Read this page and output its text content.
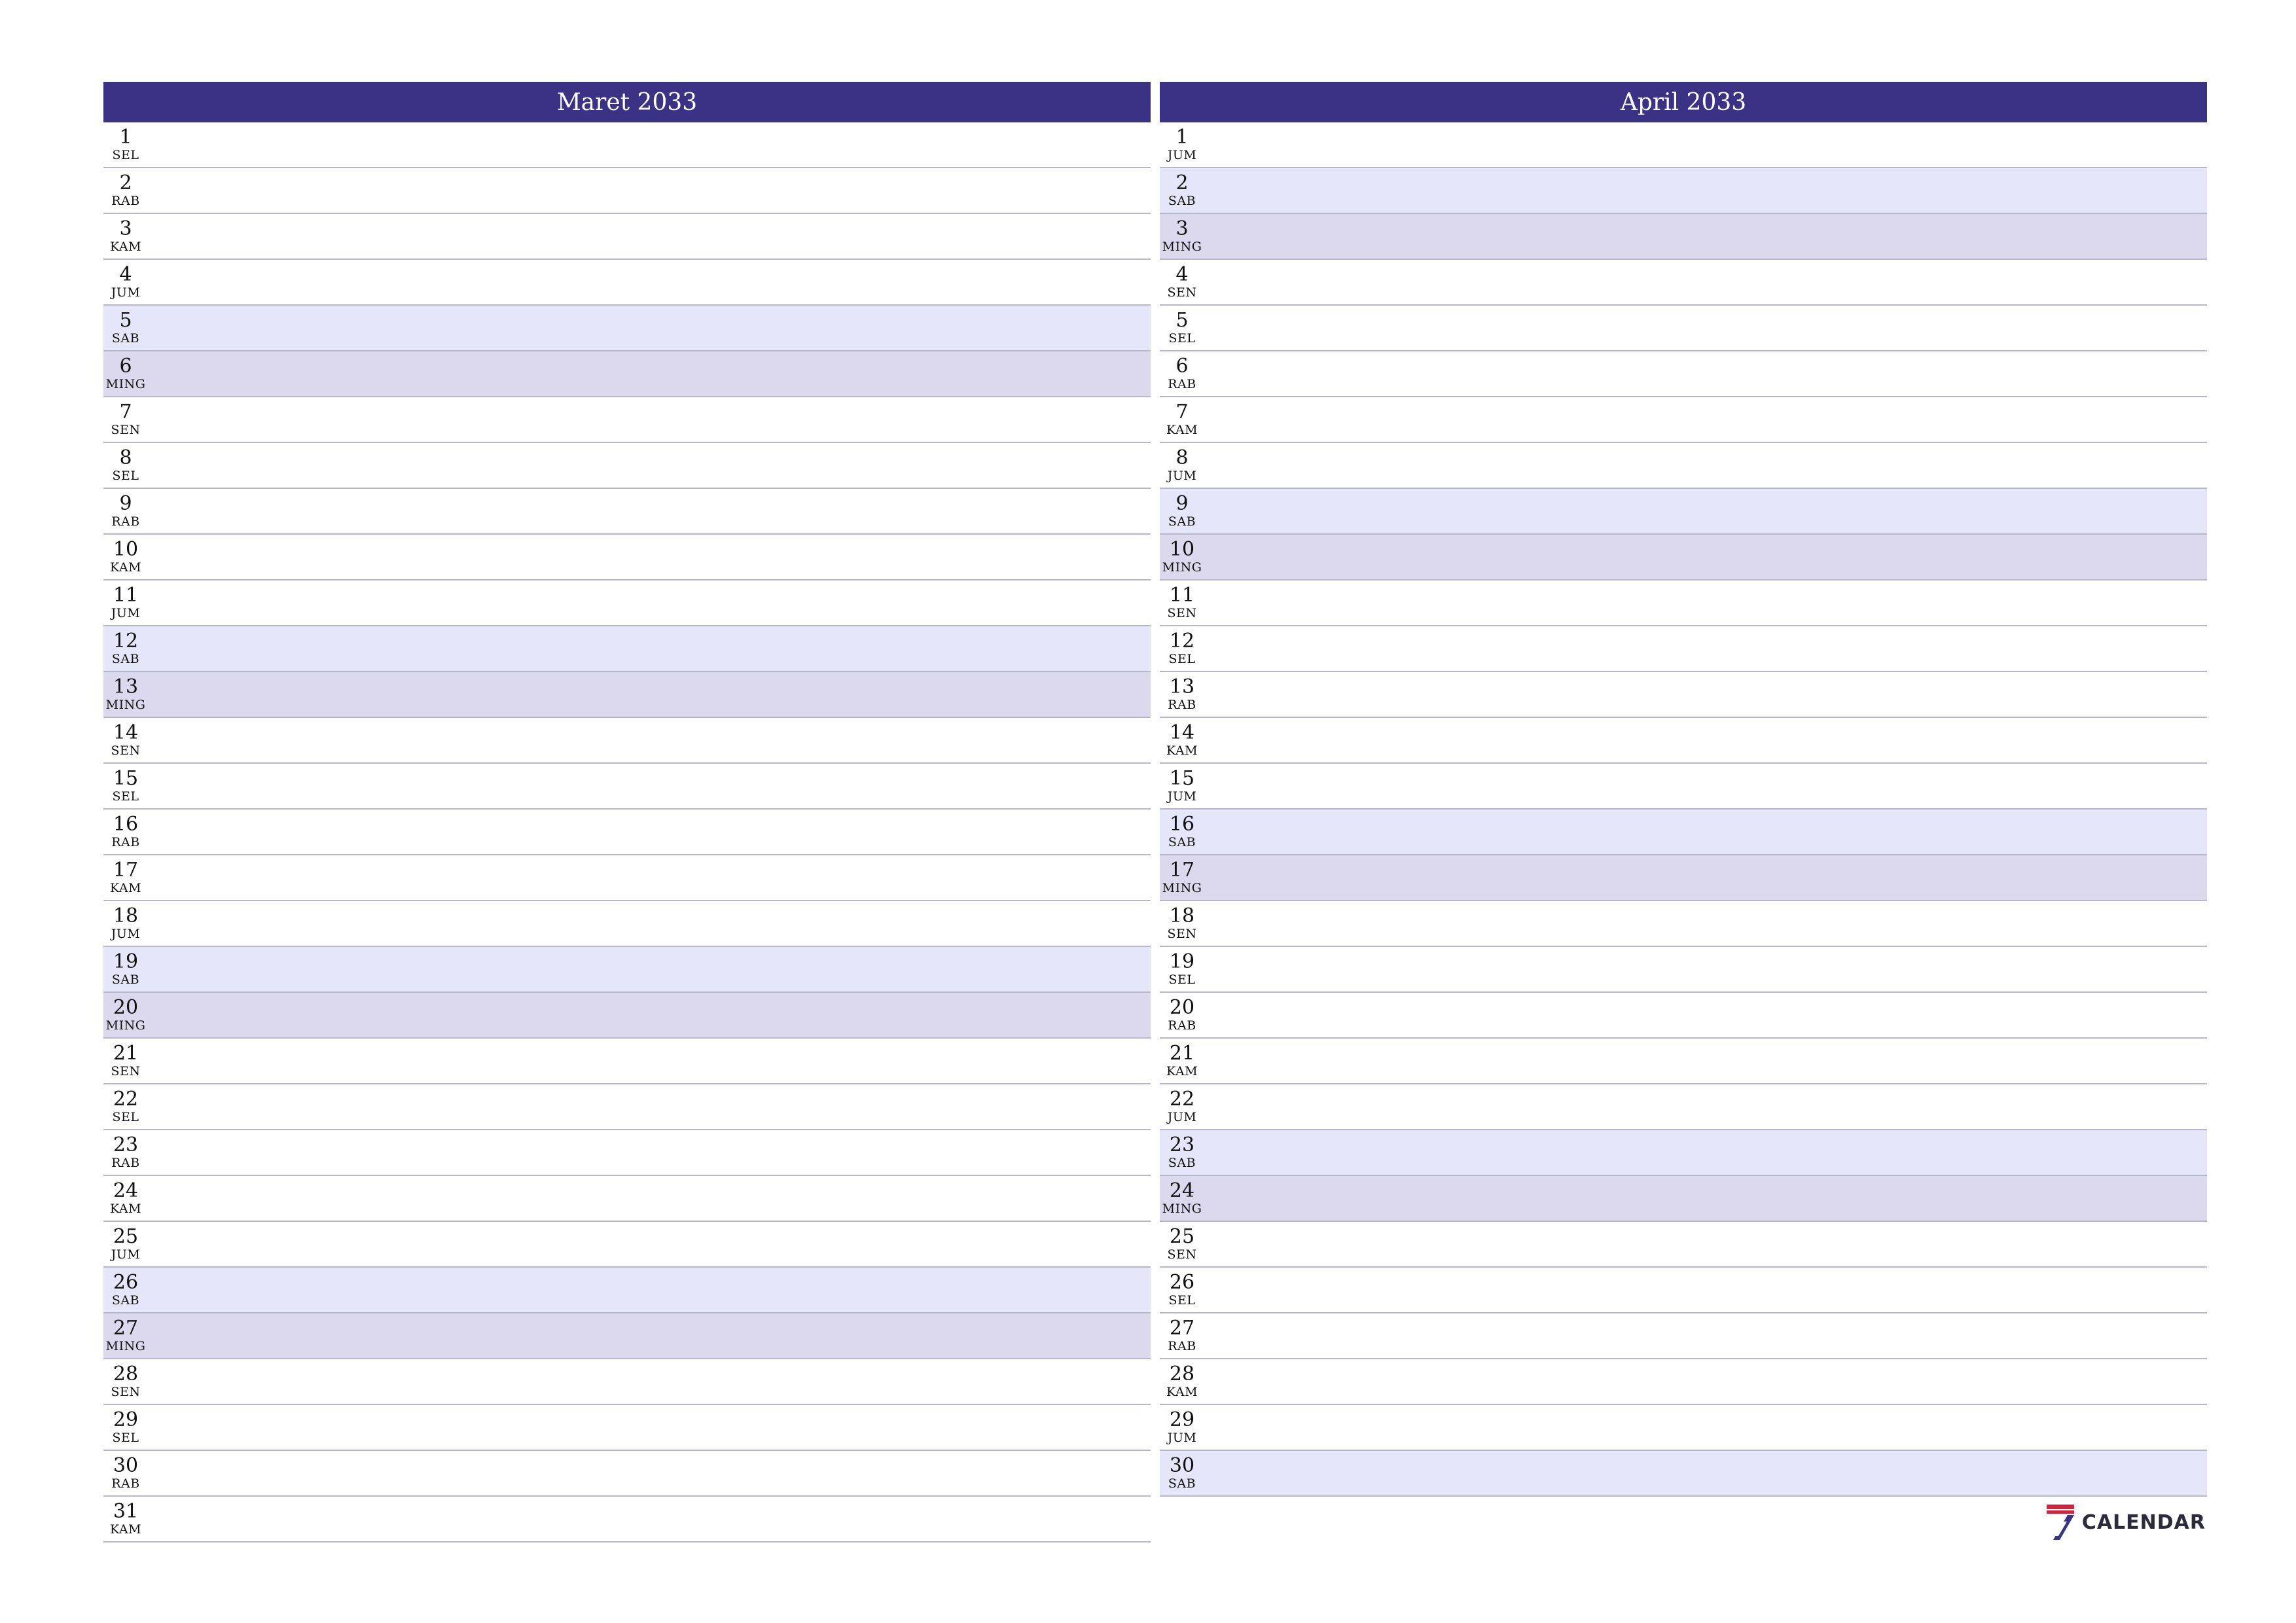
Maret 2033
1
SEL
2
RAB
3
KAM
4
JUM
5
SAB
6
MING
7
SEN
8
SEL
9
RAB
10
KAM
11
JUM
12
SAB
13
MING
14
SEN
15
SEL
16
RAB
17
KAM
18
JUM
19
SAB
20
MING
21
SEN
22
SEL
23
RAB
24
KAM
25
JUM
26
SAB
27
MING
28
SEN
29
SEL
30
RAB
31
KAM
April 2033
1
JUM
2
SAB
3
MING
4
SEN
5
SEL
6
RAB
7
KAM
8
JUM
9
SAB
10
MING
11
SEN
12
SEL
13
RAB
14
KAM
15
JUM
16
SAB
17
MING
18
SEN
19
SEL
20
RAB
21
KAM
22
JUM
23
SAB
24
MING
25
SEN
26
SEL
27
RAB
28
KAM
29
JUM
30
SAB
CALENDAR
